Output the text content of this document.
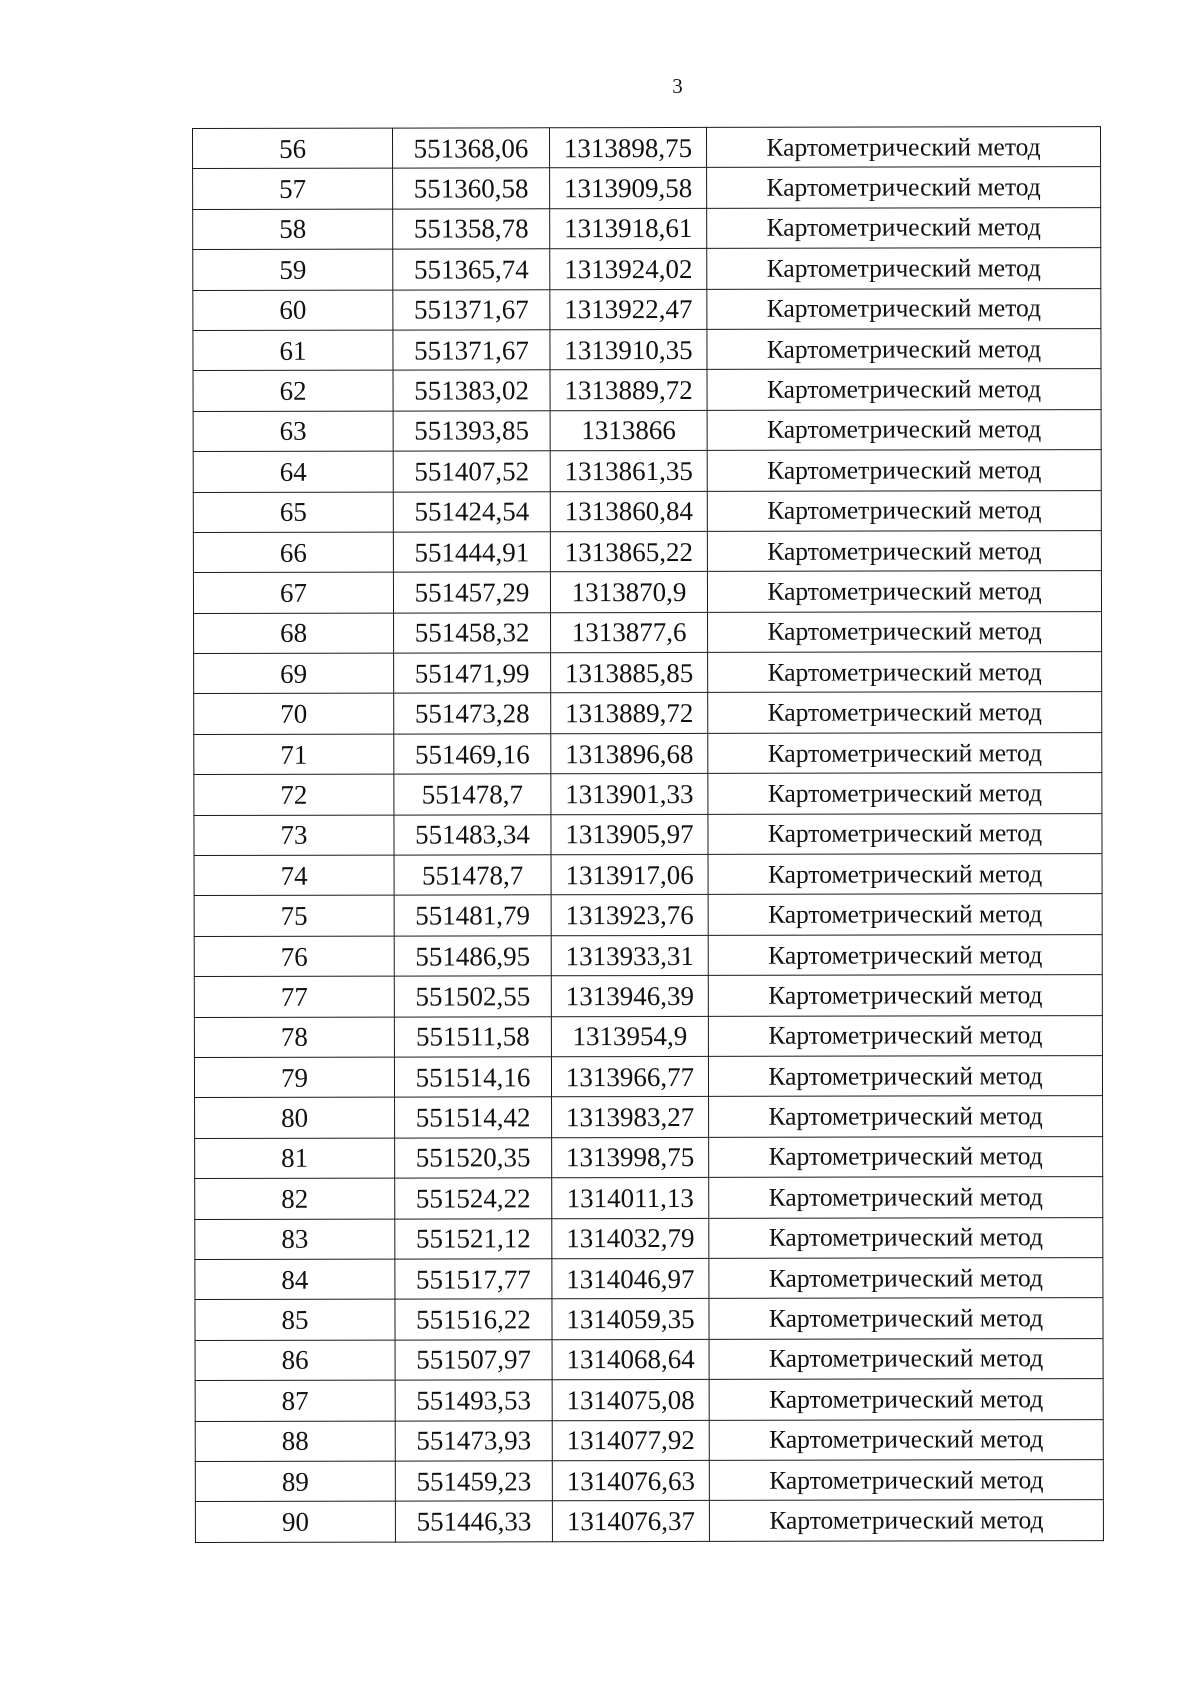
3
56	551368,06	1313898,75	Картометрический метод
57	551360,58	1313909,58	Картометрический метод
58	551358,78	1313918,61	Картометрический метод
59	551365,74	1313924,02	Картометрический метод
60	551371,67	1313922,47	Картометрический метод
61	551371,67	1313910,35	Картометрический метод
62	551383,02	1313889,72	Картометрический метод
63	551393,85	1313866	Картометрический метод
64	551407,52	1313861,35	Картометрический метод
65	551424,54	1313860,84	Картометрический метод
66	551444,91	1313865,22	Картометрический метод
67	551457,29	1313870,9	Картометрический метод
68	551458,32	1313877,6	Картометрический метод
69	551471,99	1313885,85	Картометрический метод
70	551473,28	1313889,72	Картометрический метод
71	551469,16	1313896,68	Картометрический метод
72	551478,7	1313901,33	Картометрический метод
73	551483,34	1313905,97	Картометрический метод
74	551478,7	1313917,06	Картометрический метод
75	551481,79	1313923,76	Картометрический метод
76	551486,95	1313933,31	Картометрический метод
77	551502,55	1313946,39	Картометрический метод
78	551511,58	1313954,9	Картометрический метод
79	551514,16	1313966,77	Картометрический метод
80	551514,42	1313983,27	Картометрический метод
81	551520,35	1313998,75	Картометрический метод
82	551524,22	1314011,13	Картометрический метод
83	551521,12	1314032,79	Картометрический метод
84	551517,77	1314046,97	Картометрический метод
85	551516,22	1314059,35	Картометрический метод
86	551507,97	1314068,64	Картометрический метод
87	551493,53	1314075,08	Картометрический метод
88	551473,93	1314077,92	Картометрический метод
89	551459,23	1314076,63	Картометрический метод
90	551446,33	1314076,37	Картометрический метод
